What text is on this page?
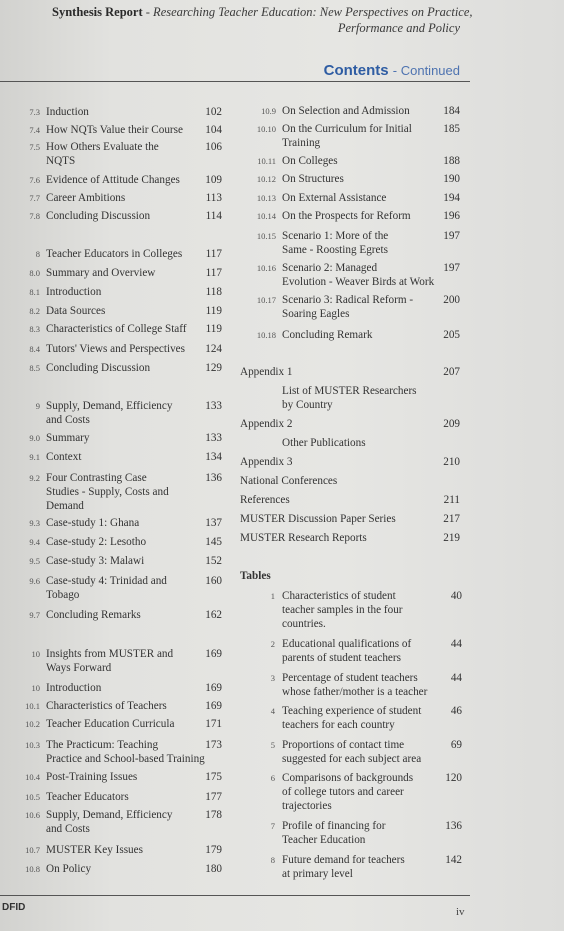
Synthesis Report - Researching Teacher Education: New Perspectives on Practice,
Performance and Policy
Contents - Continued
7.3 Induction	102
7.4 How NQTs Value their Course 104
7.5 How Others Evaluate the
NQTS
106
7.6 Evidence of Attitude Changes 109
7.7 Career Ambitions	113
7.8 Concluding Discussion	114
8 Teacher Educators in Colleges 117
8.0 Summary and Overview	117
8.1 Introduction	118
8.2 Data Sources	119
8.3 Characteristics of College Staff 119
8.4 Tutors' Views and Perspectives 124
8.5 Concluding Discussion	129
9 Supply, Demand, Efficiency
and Costs
133
9.0 Summary	133
9.1 Context	134
9.2 Four Contrasting Case
Studies - Supply, Costs and
Demand
136
9.3 Case-study 1: Ghana	137
9.4 Case-study 2: Lesotho	145
9.5 Case-study 3: Malawi	152
9.6 Case-study 4: Trinidad and
Tobago
160
9.7 Concluding Remarks	162
10 Insights from MUSTER and
Ways Forward
169
10 Introduction	169
10.1 Characteristics of Teachers	169
10.2 Teacher Education Curricula	171
10.3 The Practicum: Teaching
Practice and School-based Training
173
10.4 Post-Training Issues	175
10.5 Teacher Educators	177
10.6 Supply, Demand, Efficiency
and Costs
178
10.7 MUSTER Key Issues	179
10.8 On Policy	180
10.9 On Selection and Admission	184
10.10 On the Curriculum for Initial
Training
185
10.11 On Colleges	188
10.12 On Structures	190
10.13 On External Assistance	194
10.14 On the Prospects for Reform	196
10.15 Scenario 1: More of the
Same - Roosting Egrets
197
10.16 Scenario 2: Managed
Evolution - Weaver Birds at Work
197
10.17 Scenario 3: Radical Reform -
Soaring Eagles
200
10.18 Concluding Remark	205
Appendix 1	207
List of MUSTER Researchers
by Country
Appendix 2	209
Other Publications
Appendix 3	210
National Conferences
References	211
MUSTER Discussion Paper Series	217
MUSTER Research Reports	219
Tables
1 Characteristics of student
teacher samples in the four
countries.
40
2 Educational qualifications of
parents of student teachers
44
3 Percentage of student teachers
whose father/mother is a teacher
44
4 Teaching experience of student
teachers for each country
46
5 Proportions of contact time
suggested for each subject area
69
6 Comparisons of backgrounds
of college tutors and career
trajectories
120
7 Profile of financing for
Teacher Education
136
8 Future demand for teachers
at primary level
142
DFID	iv
